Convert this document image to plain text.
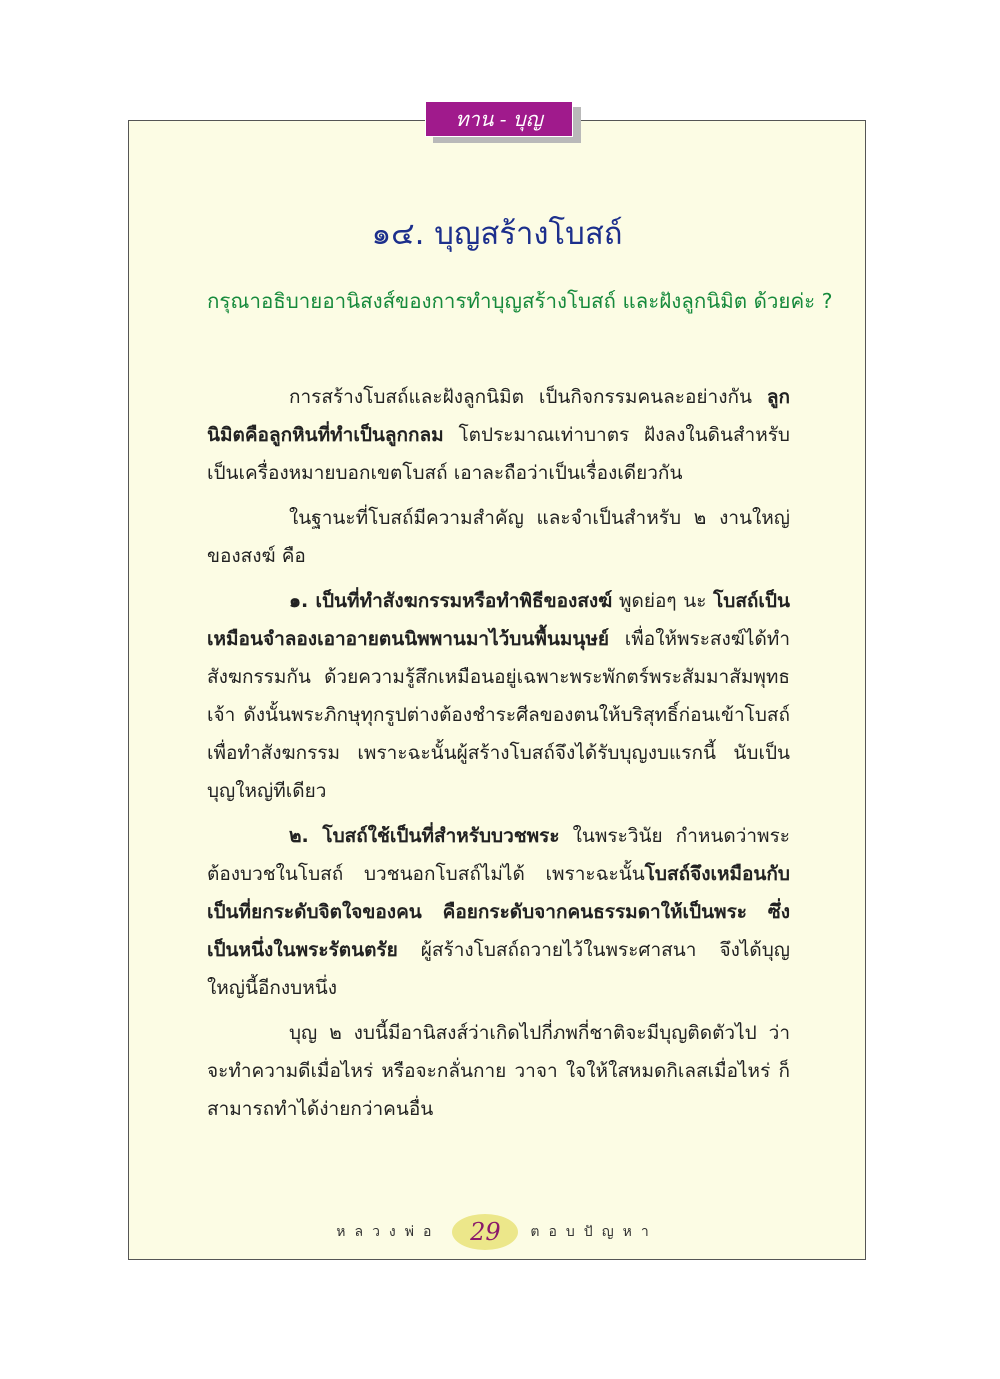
ทาน - บุญ
๑๔. บุญสร้างโบสถ์
กรุณาอธิบายอานิสงส์ของการทำบุญสร้างโบสถ์ และฝังลูกนิมิต ด้วยค่ะ ?

การสร้างโบสถ์และฝังลูกนิมิต เป็นกิจกรรมคนละอย่างกัน ลูกนิมิตคือลูกหินที่ทำเป็นลูกกลม โตประมาณเท่าบาตร ฝังลงในดินสำหรับเป็นเครื่องหมายบอกเขตโบสถ์ เอาละถือว่าเป็นเรื่องเดียวกัน

ในฐานะที่โบสถ์มีความสำคัญ และจำเป็นสำหรับ ๒ งานใหญ่ของสงฆ์ คือ

๑. เป็นที่ทำสังฆกรรมหรือทำพิธีของสงฆ์ พูดย่อๆ นะ โบสถ์เป็นเหมือนจำลองเอาอายตนนิพพานมาไว้บนพื้นมนุษย์ เพื่อให้พระสงฆ์ได้ทำสังฆกรรมกัน ด้วยความรู้สึกเหมือนอยู่เฉพาะพระพักตร์พระสัมมาสัมพุทธเจ้า ดังนั้นพระภิกษุทุกรูปต่างต้องชำระศีลของตนให้บริสุทธิ์ก่อนเข้าโบสถ์ เพื่อทำสังฆกรรม เพราะฉะนั้นผู้สร้างโบสถ์จึงได้รับบุญงบแรกนี้ นับเป็นบุญใหญ่ทีเดียว

๒. โบสถ์ใช้เป็นที่สำหรับบวชพระ ในพระวินัย กำหนดว่าพระต้องบวชในโบสถ์ บวชนอกโบสถ์ไม่ได้ เพราะฉะนั้นโบสถ์จึงเหมือนกับเป็นที่ยกระดับจิตใจของคน คือยกระดับจากคนธรรมดาให้เป็นพระ ซึ่งเป็นหนึ่งในพระรัตนตรัย ผู้สร้างโบสถ์ถวายไว้ในพระศาสนา จึงได้บุญใหญ่นี้อีกงบหนึ่ง

บุญ ๒ งบนี้มีอานิสงส์ว่าเกิดไปกี่ภพกี่ชาติจะมีบุญติดตัวไป ว่าจะทำความดีเมื่อไหร่ หรือจะกลั่นกาย วาจา ใจให้ใสหมดกิเลสเมื่อไหร่ ก็สามารถทำได้ง่ายกว่าคนอื่น

หลวงพ่อ	29	ตอบปัญหา
